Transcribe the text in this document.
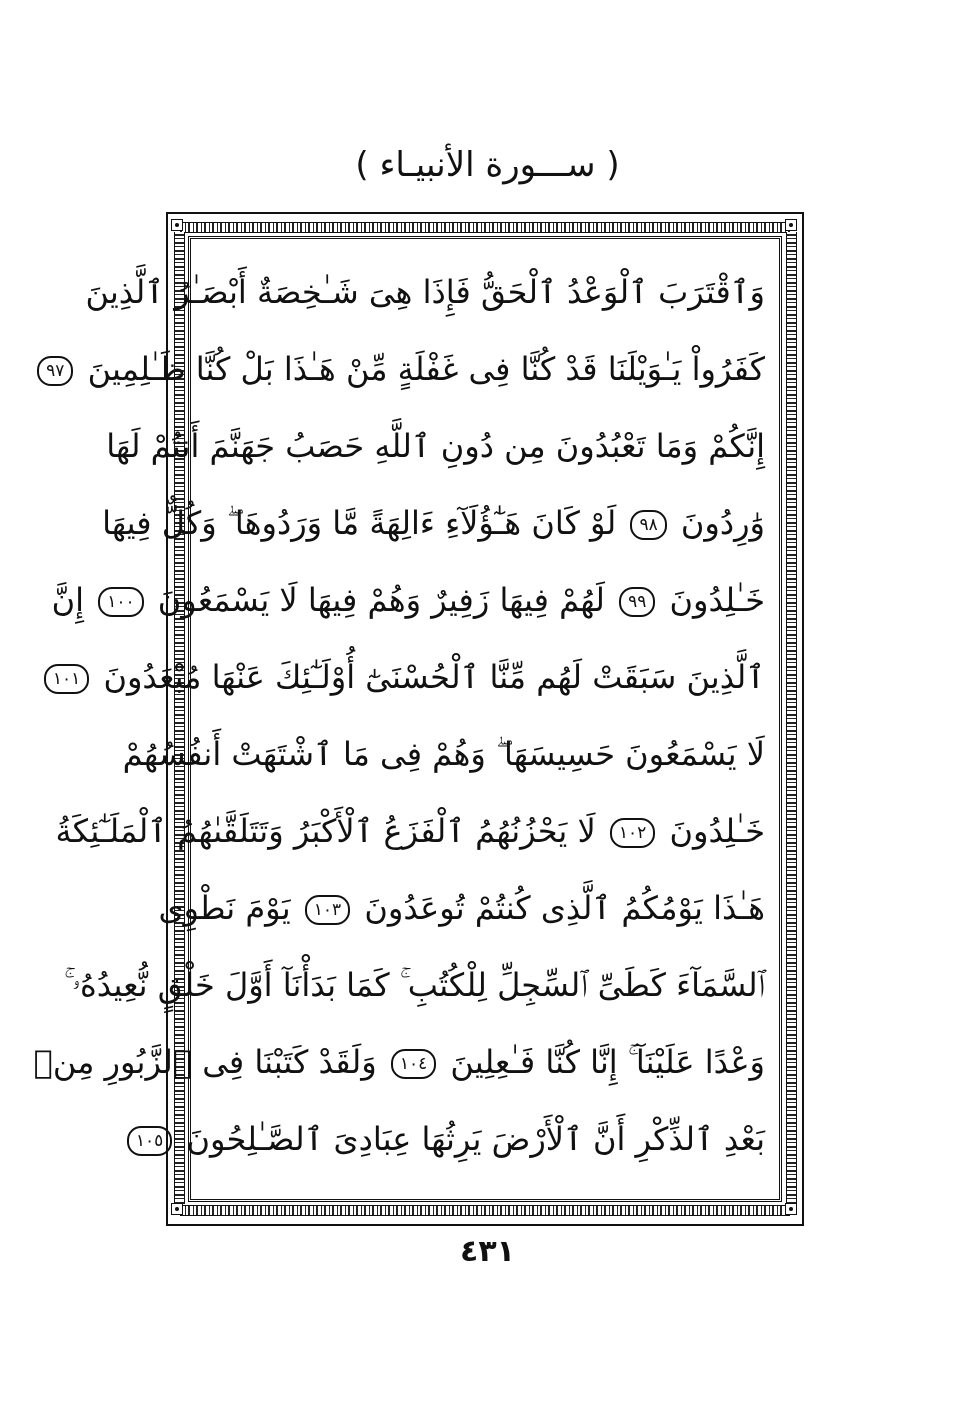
( ســـورة الأنبيـاء )
وَٱقْتَرَبَ ٱلْوَعْدُ ٱلْحَقُّ فَإِذَا هِىَ شَـٰخِصَةٌ أَبْصَـٰرُ ٱلَّذِينَ
كَفَرُواْ يَـٰوَيْلَنَا قَدْ كُنَّا فِى غَفْلَةٍ مِّنْ هَـٰذَا بَلْ كُنَّا ظَـٰلِمِينَ ٩٧
إِنَّكُمْ وَمَا تَعْبُدُونَ مِن دُونِ ٱللَّهِ حَصَبُ جَهَنَّمَ أَنتُمْ لَهَا
وَٰرِدُونَ ٩٨ لَوْ كَانَ هَـٰٓؤُلَآءِ ءَالِهَةً مَّا وَرَدُوهَا ۖ وَكُلٌّ فِيهَا
خَـٰلِدُونَ ٩٩ لَهُمْ فِيهَا زَفِيرٌ وَهُمْ فِيهَا لَا يَسْمَعُونَ ١٠٠ إِنَّ
ٱلَّذِينَ سَبَقَتْ لَهُم مِّنَّا ٱلْحُسْنَىٰٓ أُوْلَـٰٓئِكَ عَنْهَا مُبْعَدُونَ ١٠١
لَا يَسْمَعُونَ حَسِيسَهَا ۖ وَهُمْ فِى مَا ٱشْتَهَتْ أَنفُسُهُمْ
خَـٰلِدُونَ ١٠٢ لَا يَحْزُنُهُمُ ٱلْفَزَعُ ٱلْأَكْبَرُ وَتَتَلَقَّىٰهُمُ ٱلْمَلَـٰٓئِكَةُ
هَـٰذَا يَوْمُكُمُ ٱلَّذِى كُنتُمْ تُوعَدُونَ ١٠٣ يَوْمَ نَطْوِى
ٱلسَّمَآءَ كَطَىِّ ٱلسِّجِلِّ لِلْكُتُبِ ۚ كَمَا بَدَأْنَآ أَوَّلَ خَلْقٍ نُّعِيدُهُۥ ۚ
وَعْدًا عَلَيْنَآ ۚ إِنَّا كُنَّا فَـٰعِلِينَ ١٠٤ وَلَقَدْ كَتَبْنَا فِى ٱلزَّبُورِ مِنۢ
بَعْدِ ٱلذِّكْرِ أَنَّ ٱلْأَرْضَ يَرِثُهَا عِبَادِىَ ٱلصَّـٰلِحُونَ ١٠٥
٤٣١
